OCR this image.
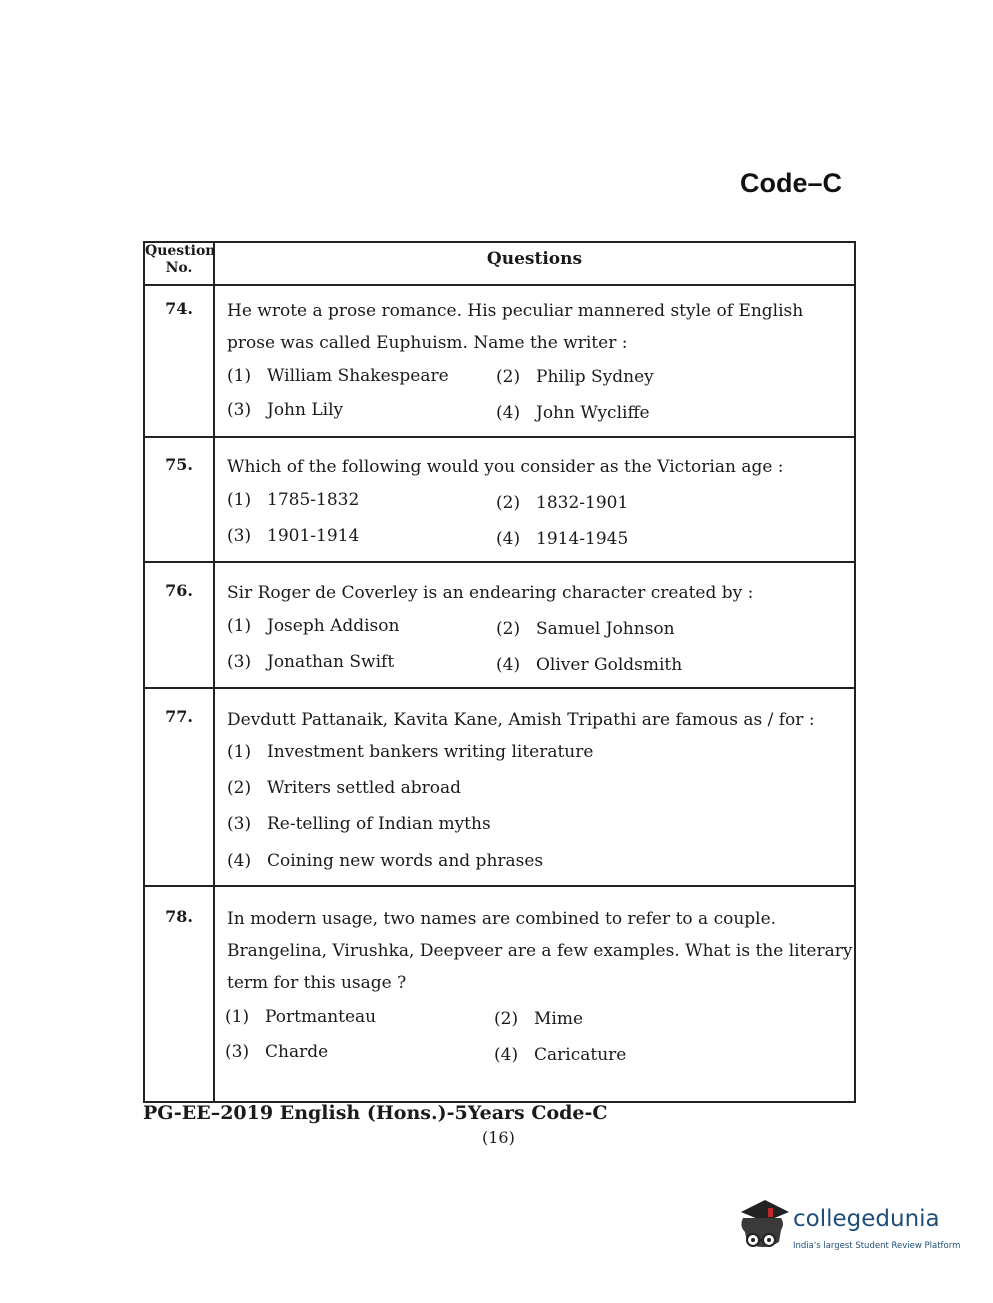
Code–C
Question No.	Questions
74.	He wrote a prose romance. His peculiar mannered style of English prose was called Euphuism. Name the writer :
(1) William Shakespeare	(2) Philip Sydney
(3) John Lily	(4) John Wycliffe
75.	Which of the following would you consider as the Victorian age :
(1) 1785-1832	(2) 1832-1901
(3) 1901-1914	(4) 1914-1945
76.	Sir Roger de Coverley is an endearing character created by :
(1) Joseph Addison	(2) Samuel Johnson
(3) Jonathan Swift	(4) Oliver Goldsmith
77.	Devdutt Pattanaik, Kavita Kane, Amish Tripathi are famous as / for :
(1) Investment bankers writing literature
(2) Writers settled abroad
(3) Re-telling of Indian myths
(4) Coining new words and phrases
78.	In modern usage, two names are combined to refer to a couple. Brangelina, Virushka, Deepveer are a few examples. What is the literary term for this usage ?
(1) Portmanteau	(2) Mime
(3) Charde	(4) Caricature
PG-EE–2019 English (Hons.)-5Years Code-C
(16)
collegedunia
India's largest Student Review Platform
